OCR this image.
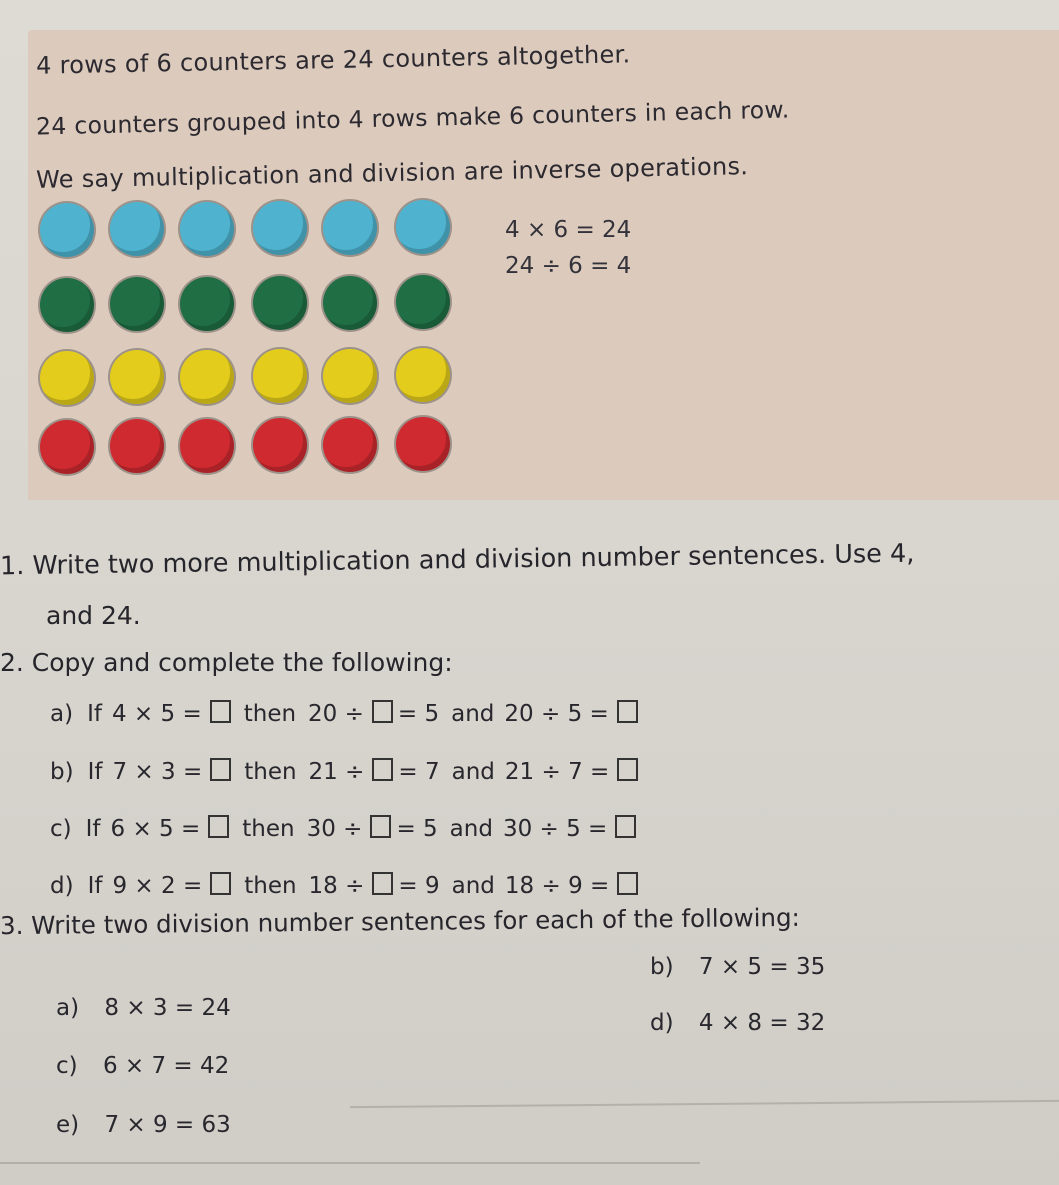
4 rows of 6 counters are 24 counters altogether.
24 counters grouped into 4 rows make 6 counters in each row.
We say multiplication and division are inverse operations.
4 × 6 = 24
24 ÷ 6 = 4
1. Write two more multiplication and division number sentences. Use 4,
and 24.
2. Copy and complete the following:
a) If 4 × 5 = then 20 ÷ = 5 and 20 ÷ 5 =
b) If 7 × 3 = then 21 ÷ = 7 and 21 ÷ 7 =
c) If 6 × 5 = then 30 ÷ = 5 and 30 ÷ 5 =
d) If 9 × 2 = then 18 ÷ = 9 and 18 ÷ 9 =
3. Write two division number sentences for each of the following:
a) 8 × 3 = 24
b) 7 × 5 = 35
c) 6 × 7 = 42
d) 4 × 8 = 32
e) 7 × 9 = 63
